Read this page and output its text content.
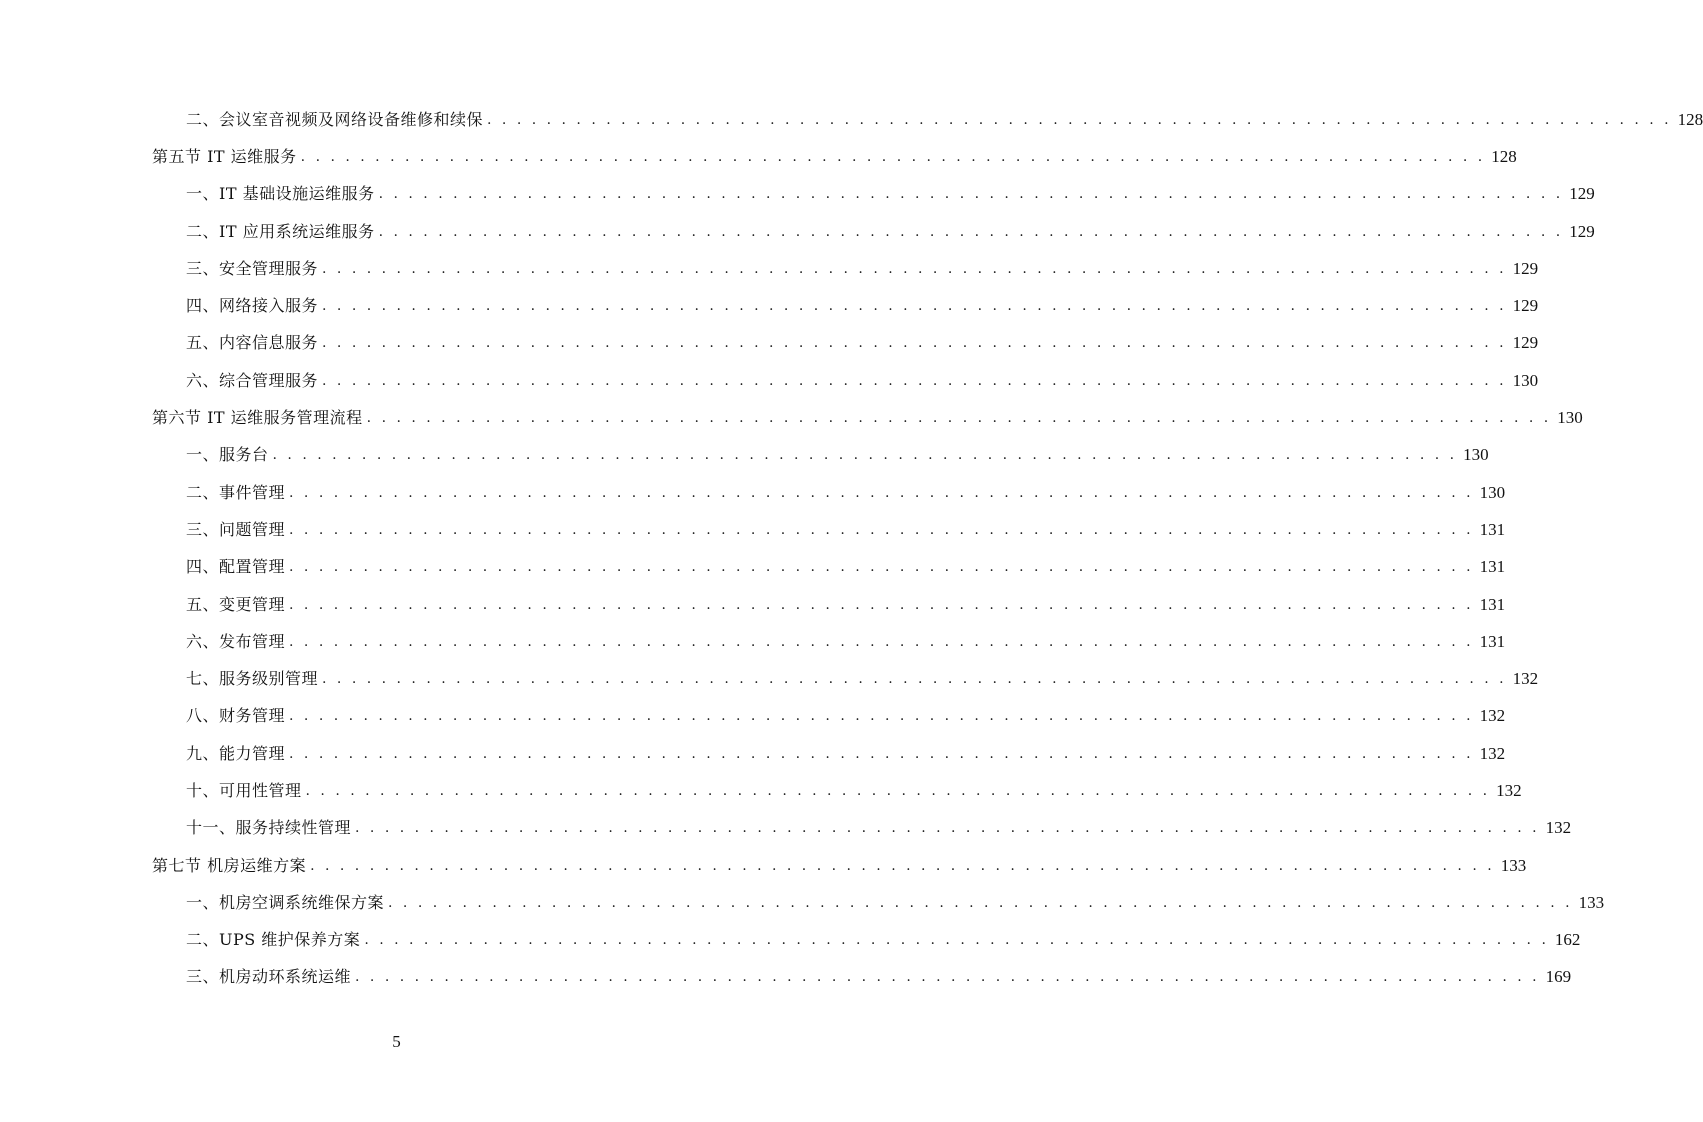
二、会议室音视频及网络设备维修和续保 . . . . . . . . . . . . . . . . . . . . . . . . . . . . . . . . . . . . . . . . . . . . . . . . . . . . . . . . . . . . . . . . . . . . . . . . . . . . . . . . 128
第五节 IT 运维服务 . . . . . . . . . . . . . . . . . . . . . . . . . . . . . . . . . . . . . . . . . . . . . . . . . . . . . . . . . . . . . . . . . . . . . . . . . . . . . . . . 128
一、IT 基础设施运维服务 . . . . . . . . . . . . . . . . . . . . . . . . . . . . . . . . . . . . . . . . . . . . . . . . . . . . . . . . . . . . . . . . . . . . . . . . . . . . . . . . 129
二、IT 应用系统运维服务 . . . . . . . . . . . . . . . . . . . . . . . . . . . . . . . . . . . . . . . . . . . . . . . . . . . . . . . . . . . . . . . . . . . . . . . . . . . . . . . . 129
三、安全管理服务 . . . . . . . . . . . . . . . . . . . . . . . . . . . . . . . . . . . . . . . . . . . . . . . . . . . . . . . . . . . . . . . . . . . . . . . . . . . . . . . . 129
四、网络接入服务 . . . . . . . . . . . . . . . . . . . . . . . . . . . . . . . . . . . . . . . . . . . . . . . . . . . . . . . . . . . . . . . . . . . . . . . . . . . . . . . . 129
五、内容信息服务 . . . . . . . . . . . . . . . . . . . . . . . . . . . . . . . . . . . . . . . . . . . . . . . . . . . . . . . . . . . . . . . . . . . . . . . . . . . . . . . . 129
六、综合管理服务 . . . . . . . . . . . . . . . . . . . . . . . . . . . . . . . . . . . . . . . . . . . . . . . . . . . . . . . . . . . . . . . . . . . . . . . . . . . . . . . . 130
第六节 IT 运维服务管理流程 . . . . . . . . . . . . . . . . . . . . . . . . . . . . . . . . . . . . . . . . . . . . . . . . . . . . . . . . . . . . . . . . . . . . . . . . . . . . . . . . 130
一、服务台 . . . . . . . . . . . . . . . . . . . . . . . . . . . . . . . . . . . . . . . . . . . . . . . . . . . . . . . . . . . . . . . . . . . . . . . . . . . . . . . . 130
二、事件管理 . . . . . . . . . . . . . . . . . . . . . . . . . . . . . . . . . . . . . . . . . . . . . . . . . . . . . . . . . . . . . . . . . . . . . . . . . . . . . . . . 130
三、问题管理 . . . . . . . . . . . . . . . . . . . . . . . . . . . . . . . . . . . . . . . . . . . . . . . . . . . . . . . . . . . . . . . . . . . . . . . . . . . . . . . . 131
四、配置管理 . . . . . . . . . . . . . . . . . . . . . . . . . . . . . . . . . . . . . . . . . . . . . . . . . . . . . . . . . . . . . . . . . . . . . . . . . . . . . . . . 131
五、变更管理 . . . . . . . . . . . . . . . . . . . . . . . . . . . . . . . . . . . . . . . . . . . . . . . . . . . . . . . . . . . . . . . . . . . . . . . . . . . . . . . . 131
六、发布管理 . . . . . . . . . . . . . . . . . . . . . . . . . . . . . . . . . . . . . . . . . . . . . . . . . . . . . . . . . . . . . . . . . . . . . . . . . . . . . . . . 131
七、服务级别管理 . . . . . . . . . . . . . . . . . . . . . . . . . . . . . . . . . . . . . . . . . . . . . . . . . . . . . . . . . . . . . . . . . . . . . . . . . . . . . . . . 132
八、财务管理 . . . . . . . . . . . . . . . . . . . . . . . . . . . . . . . . . . . . . . . . . . . . . . . . . . . . . . . . . . . . . . . . . . . . . . . . . . . . . . . . 132
九、能力管理 . . . . . . . . . . . . . . . . . . . . . . . . . . . . . . . . . . . . . . . . . . . . . . . . . . . . . . . . . . . . . . . . . . . . . . . . . . . . . . . . 132
十、可用性管理 . . . . . . . . . . . . . . . . . . . . . . . . . . . . . . . . . . . . . . . . . . . . . . . . . . . . . . . . . . . . . . . . . . . . . . . . . . . . . . . . 132
十一、服务持续性管理 . . . . . . . . . . . . . . . . . . . . . . . . . . . . . . . . . . . . . . . . . . . . . . . . . . . . . . . . . . . . . . . . . . . . . . . . . . . . . . . . 132
第七节 机房运维方案 . . . . . . . . . . . . . . . . . . . . . . . . . . . . . . . . . . . . . . . . . . . . . . . . . . . . . . . . . . . . . . . . . . . . . . . . . . . . . . . . 133
一、机房空调系统维保方案 . . . . . . . . . . . . . . . . . . . . . . . . . . . . . . . . . . . . . . . . . . . . . . . . . . . . . . . . . . . . . . . . . . . . . . . . . . . . . . . . 133
二、UPS 维护保养方案 . . . . . . . . . . . . . . . . . . . . . . . . . . . . . . . . . . . . . . . . . . . . . . . . . . . . . . . . . . . . . . . . . . . . . . . . . . . . . . . . 162
三、机房动环系统运维 . . . . . . . . . . . . . . . . . . . . . . . . . . . . . . . . . . . . . . . . . . . . . . . . . . . . . . . . . . . . . . . . . . . . . . . . . . . . . . . . 169
5
